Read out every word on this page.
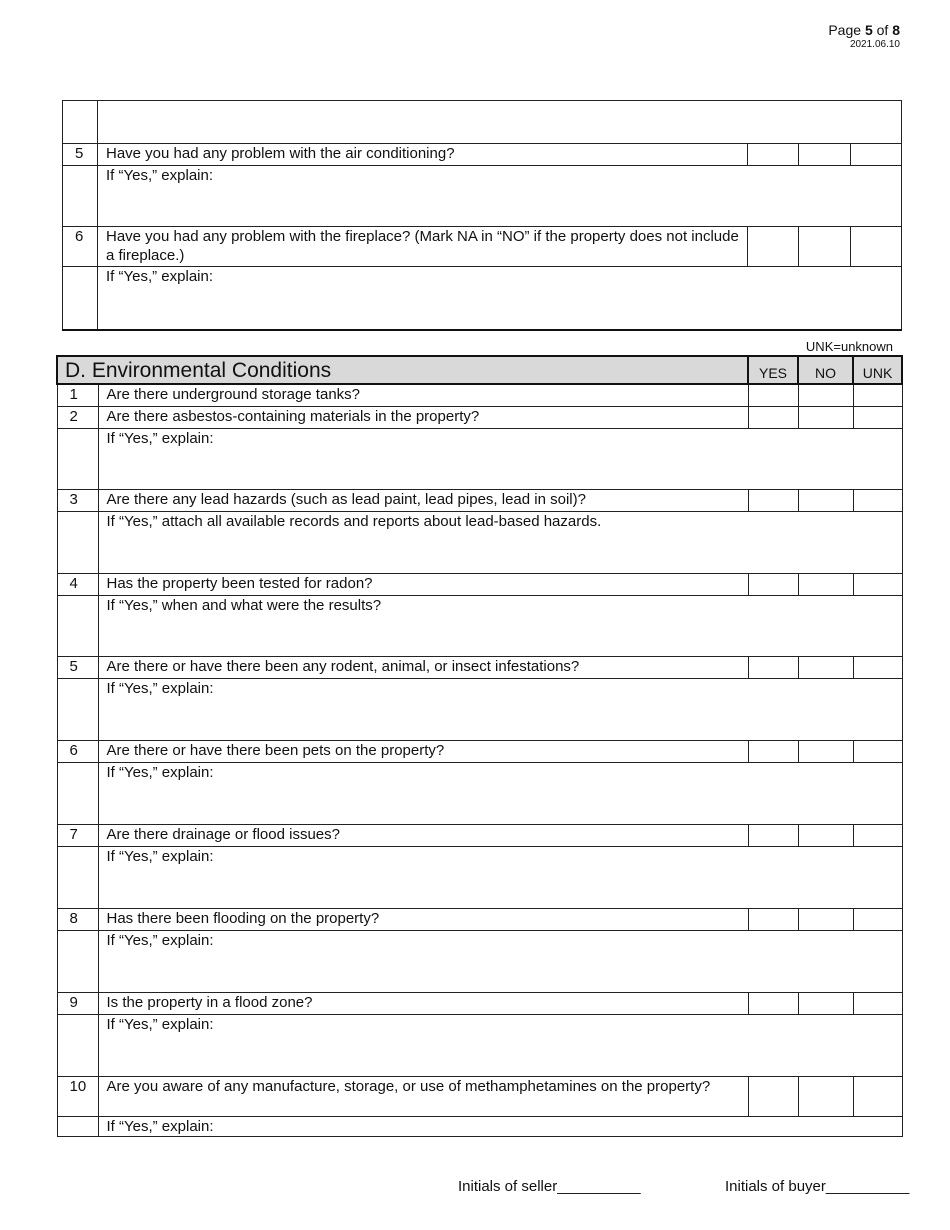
Page 5 of 8
2021.06.10

5	Have you had any problem with the air conditioning?			
	If “Yes,” explain:			
6	Have you had any problem with the fireplace? (Mark NA in “NO” if the property does not include a fireplace.)			
	If “Yes,” explain:			
UNK=unknown
D. Environmental Conditions		YES	NO	UNK
1	Are there underground storage tanks?			
2	Are there asbestos-containing materials in the property?			
	If “Yes,” explain:			
3	Are there any lead hazards (such as lead paint, lead pipes, lead in soil)?			
	If “Yes,” attach all available records and reports about lead-based hazards.			
4	Has the property been tested for radon?			
	If “Yes,” when and what were the results?			
5	Are there or have there been any rodent, animal, or insect infestations?			
	If “Yes,” explain:			
6	Are there or have there been pets on the property?			
	If “Yes,” explain:			
7	Are there drainage or flood issues?			
	If “Yes,” explain:			
8	Has there been flooding on the property?			
	If “Yes,” explain:			
9	Is the property in a flood zone?			
	If “Yes,” explain:			
10	Are you aware of any manufacture, storage, or use of methamphetamines on the property?			
	If “Yes,” explain:			
Initials of seller__________	Initials of buyer__________
